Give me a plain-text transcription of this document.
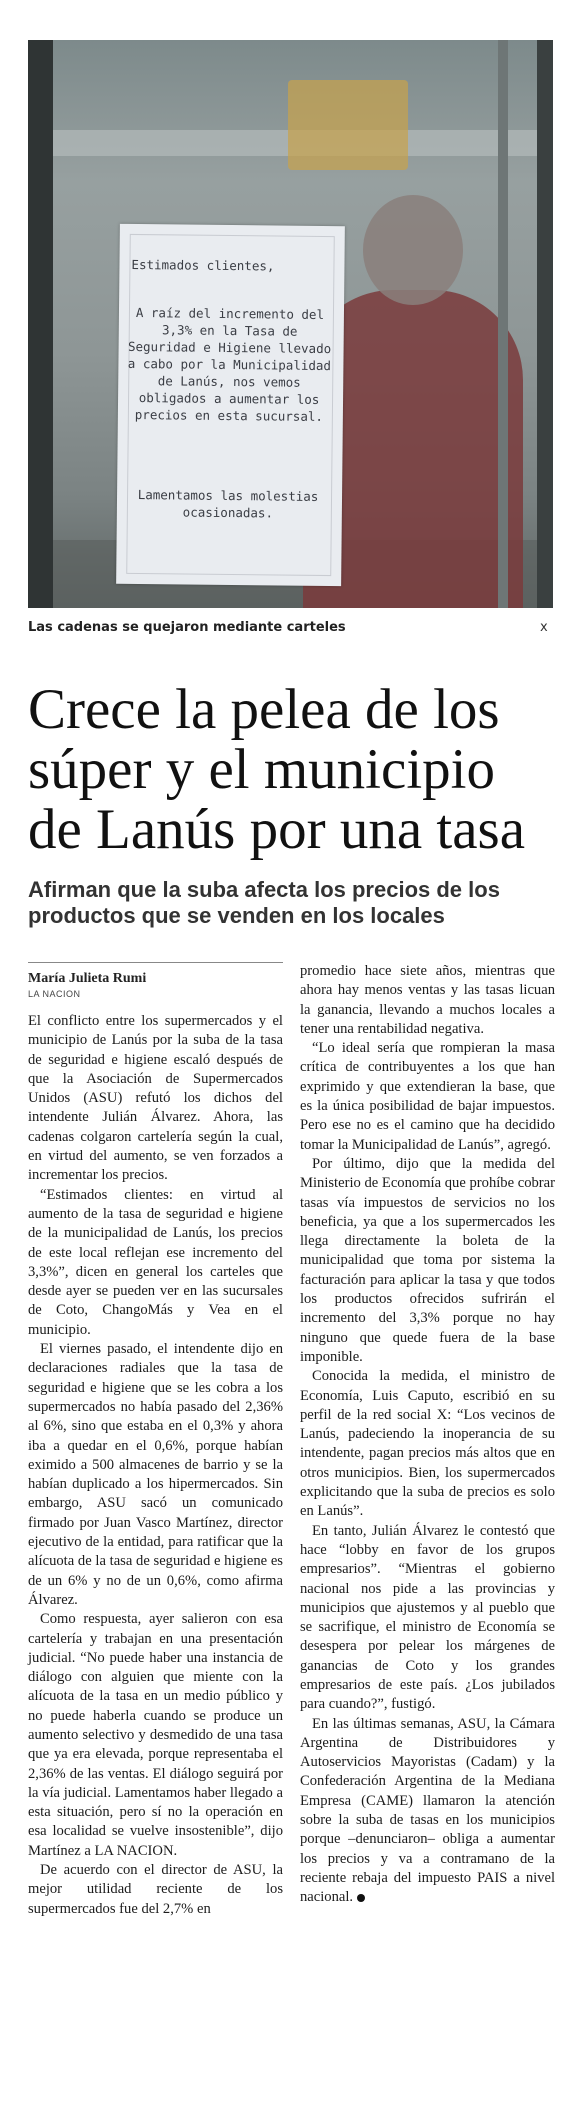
Estimados clientes,

A raíz del incremento del 3,3% en la Tasa de Seguridad e Higiene llevado a cabo por la Municipalidad de Lanús, nos vemos obligados a aumentar los precios en esta sucursal.

Lamentamos las molestias ocasionadas.

Las cadenas se quejaron mediante carteles	x
Crece la pelea de los súper y el municipio de Lanús por una tasa
Afirman que la suba afecta los precios de los productos que se venden en los locales
María Julieta Rumi
LA NACION

El conflicto entre los supermercados y el municipio de Lanús por la suba de la tasa de seguridad e higiene escaló después de que la Asociación de Supermercados Unidos (ASU) refutó los dichos del intendente Julián Álvarez. Ahora, las cadenas colgaron cartelería según la cual, en virtud del aumento, se ven forzados a incrementar los precios.

“Estimados clientes: en virtud al aumento de la tasa de seguridad e higiene de la municipalidad de Lanús, los precios de este local reflejan ese incremento del 3,3%”, dicen en general los carteles que desde ayer se pueden ver en las sucursales de Coto, ChangoMás y Vea en el municipio.

El viernes pasado, el intendente dijo en declaraciones radiales que la tasa de seguridad e higiene que se les cobra a los supermercados no había pasado del 2,36% al 6%, sino que estaba en el 0,3% y ahora iba a quedar en el 0,6%, porque habían eximido a 500 almacenes de barrio y se la habían duplicado a los hipermercados. Sin embargo, ASU sacó un comunicado firmado por Juan Vasco Martínez, director ejecutivo de la entidad, para ratificar que la alícuota de la tasa de seguridad e higiene es de un 6% y no de un 0,6%, como afirma Álvarez.

Como respuesta, ayer salieron con esa cartelería y trabajan en una presentación judicial. “No puede haber una instancia de diálogo con alguien que miente con la alícuota de la tasa en un medio público y no puede haberla cuando se produce un aumento selectivo y desmedido de una tasa que ya era elevada, porque representaba el 2,36% de las ventas. El diálogo seguirá por la vía judicial. Lamentamos haber llegado a esta situación, pero sí no la operación en esa localidad se vuelve insostenible”, dijo Martínez a LA NACION.

De acuerdo con el director de ASU, la mejor utilidad reciente de los supermercados fue del 2,7% en

promedio hace siete años, mientras que ahora hay menos ventas y las tasas licuan la ganancia, llevando a muchos locales a tener una rentabilidad negativa.

“Lo ideal sería que rompieran la masa crítica de contribuyentes a los que han exprimido y que extendieran la base, que es la única posibilidad de bajar impuestos. Pero ese no es el camino que ha decidido tomar la Municipalidad de Lanús”, agregó.

Por último, dijo que la medida del Ministerio de Economía que prohíbe cobrar tasas vía impuestos de servicios no los beneficia, ya que a los supermercados les llega directamente la boleta de la municipalidad que toma por sistema la facturación para aplicar la tasa y que todos los productos ofrecidos sufrirán el incremento del 3,3% porque no hay ninguno que quede fuera de la base imponible.

Conocida la medida, el ministro de Economía, Luis Caputo, escribió en su perfil de la red social X: “Los vecinos de Lanús, padeciendo la inoperancia de su intendente, pagan precios más altos que en otros municipios. Bien, los supermercados explicitando que la suba de precios es solo en Lanús”.

En tanto, Julián Álvarez le contestó que hace “lobby en favor de los grupos empresarios”. “Mientras el gobierno nacional nos pide a las provincias y municipios que ajustemos y al pueblo que se sacrifique, el ministro de Economía se desespera por pelear los márgenes de ganancias de Coto y los grandes empresarios de este país. ¿Los jubilados para cuando?”, fustigó.

En las últimas semanas, ASU, la Cámara Argentina de Distribuidores y Autoservicios Mayoristas (Cadam) y la Confederación Argentina de la Mediana Empresa (CAME) llamaron la atención sobre la suba de tasas en los municipios porque –denunciaron– obliga a aumentar los precios y va a contramano de la reciente rebaja del impuesto PAIS a nivel nacional.
